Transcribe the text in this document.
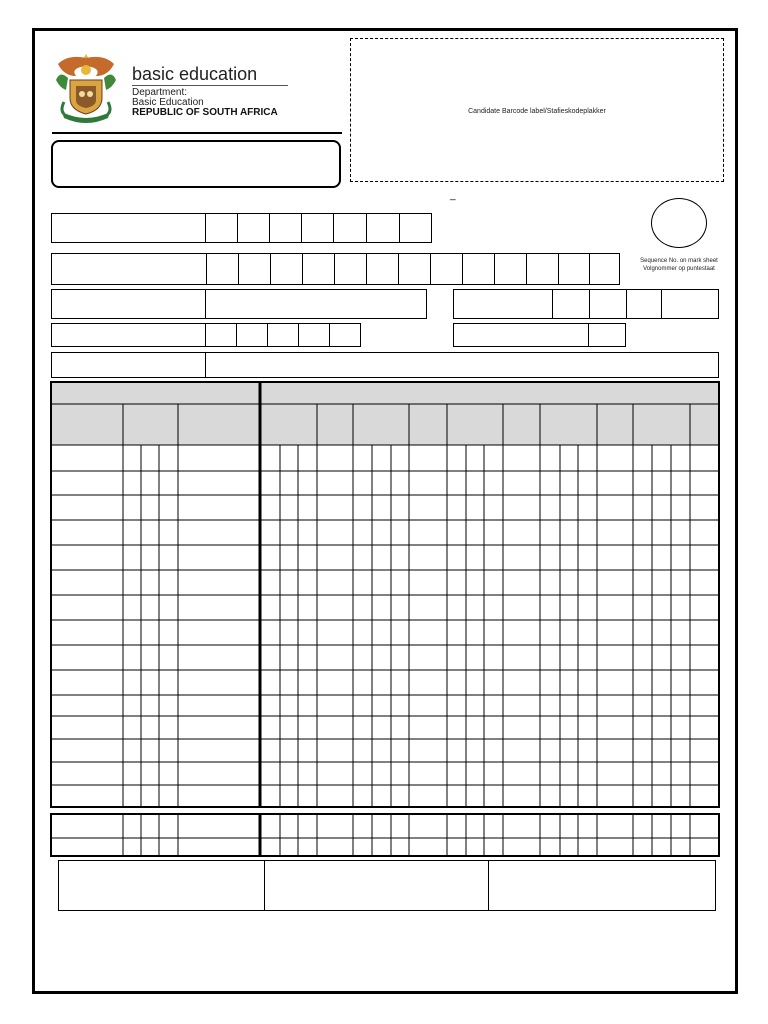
basic education
Department:
Basic Education
REPUBLIC OF SOUTH AFRICA	Candidate Barcode label/Stafieskodeplakker
_
Sequence No. on mark sheet
Volgnommer op puntestaat
